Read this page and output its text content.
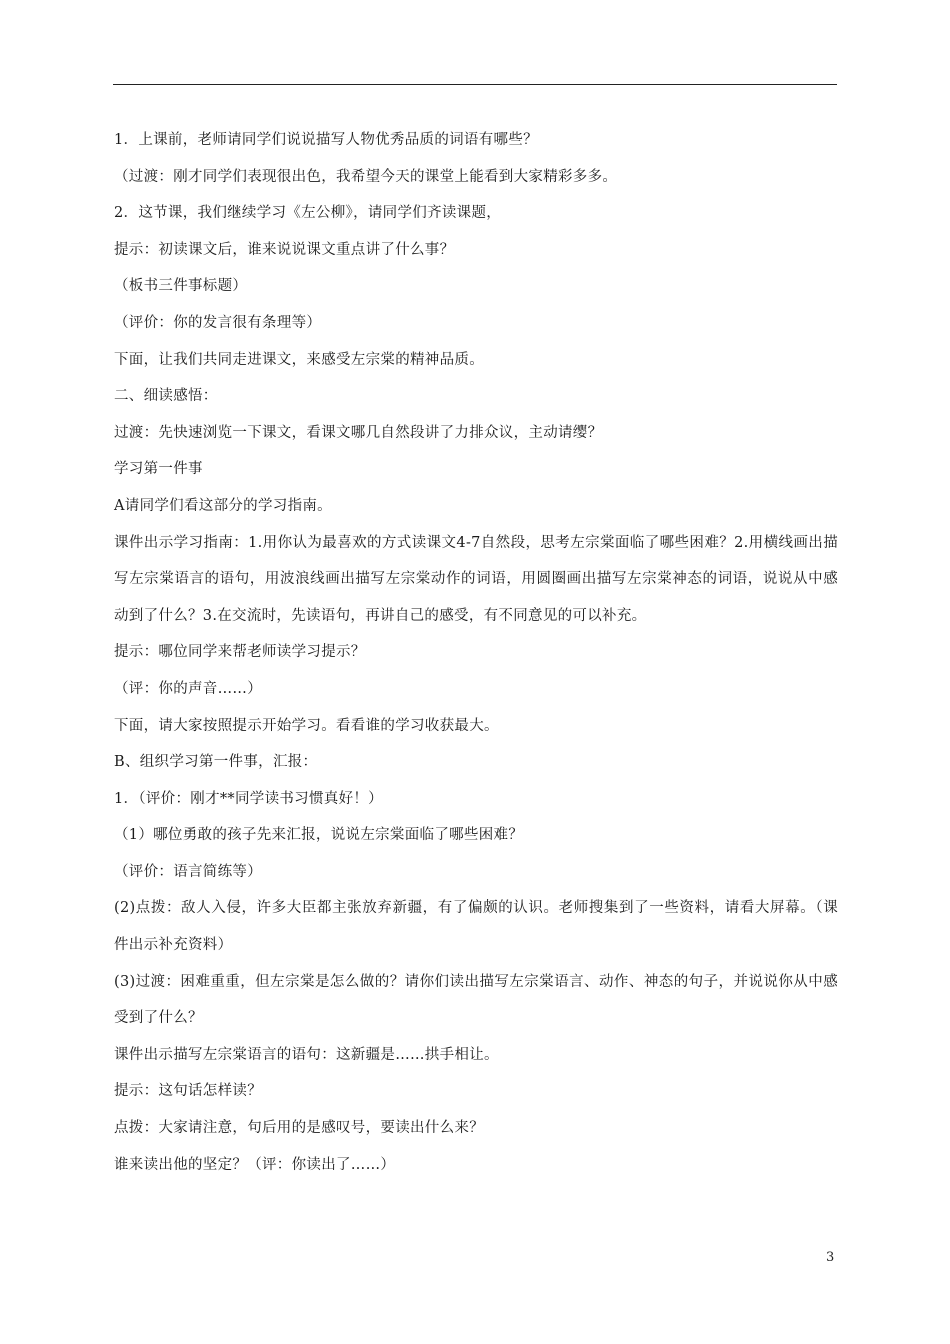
1．上课前，老师请同学们说说描写人物优秀品质的词语有哪些？
（过渡：刚才同学们表现很出色，我希望今天的课堂上能看到大家精彩多多。
2．这节课，我们继续学习《左公柳》，请同学们齐读课题，
提示：初读课文后，谁来说说课文重点讲了什么事？
（板书三件事标题）
（评价：你的发言很有条理等）
下面，让我们共同走进课文，来感受左宗棠的精神品质。
二、细读感悟：
过渡：先快速浏览一下课文，看课文哪几自然段讲了力排众议，主动请缨？
学习第一件事
A请同学们看这部分的学习指南。
课件出示学习指南：1.用你认为最喜欢的方式读课文4-7自然段，思考左宗棠面临了哪些困难？2.用横线画出描写左宗棠语言的语句，用波浪线画出描写左宗棠动作的词语，用圆圈画出描写左宗棠神态的词语，说说从中感动到了什么？3.在交流时，先读语句，再讲自己的感受，有不同意见的可以补充。
提示：哪位同学来帮老师读学习提示？
（评：你的声音……）
下面，请大家按照提示开始学习。看看谁的学习收获最大。
B、组织学习第一件事，汇报：
1．（评价：刚才**同学读书习惯真好！）
（1）哪位勇敢的孩子先来汇报，说说左宗棠面临了哪些困难？
（评价：语言简练等）
(2)点拨：敌人入侵，许多大臣都主张放弃新疆，有了偏颇的认识。老师搜集到了一些资料，请看大屏幕。（课件出示补充资料）
(3)过渡：困难重重，但左宗棠是怎么做的？请你们读出描写左宗棠语言、动作、神态的句子，并说说你从中感受到了什么？
课件出示描写左宗棠语言的语句：这新疆是……拱手相让。
提示：这句话怎样读？
点拨：大家请注意，句后用的是感叹号，要读出什么来？
谁来读出他的坚定？（评：你读出了……）
3
